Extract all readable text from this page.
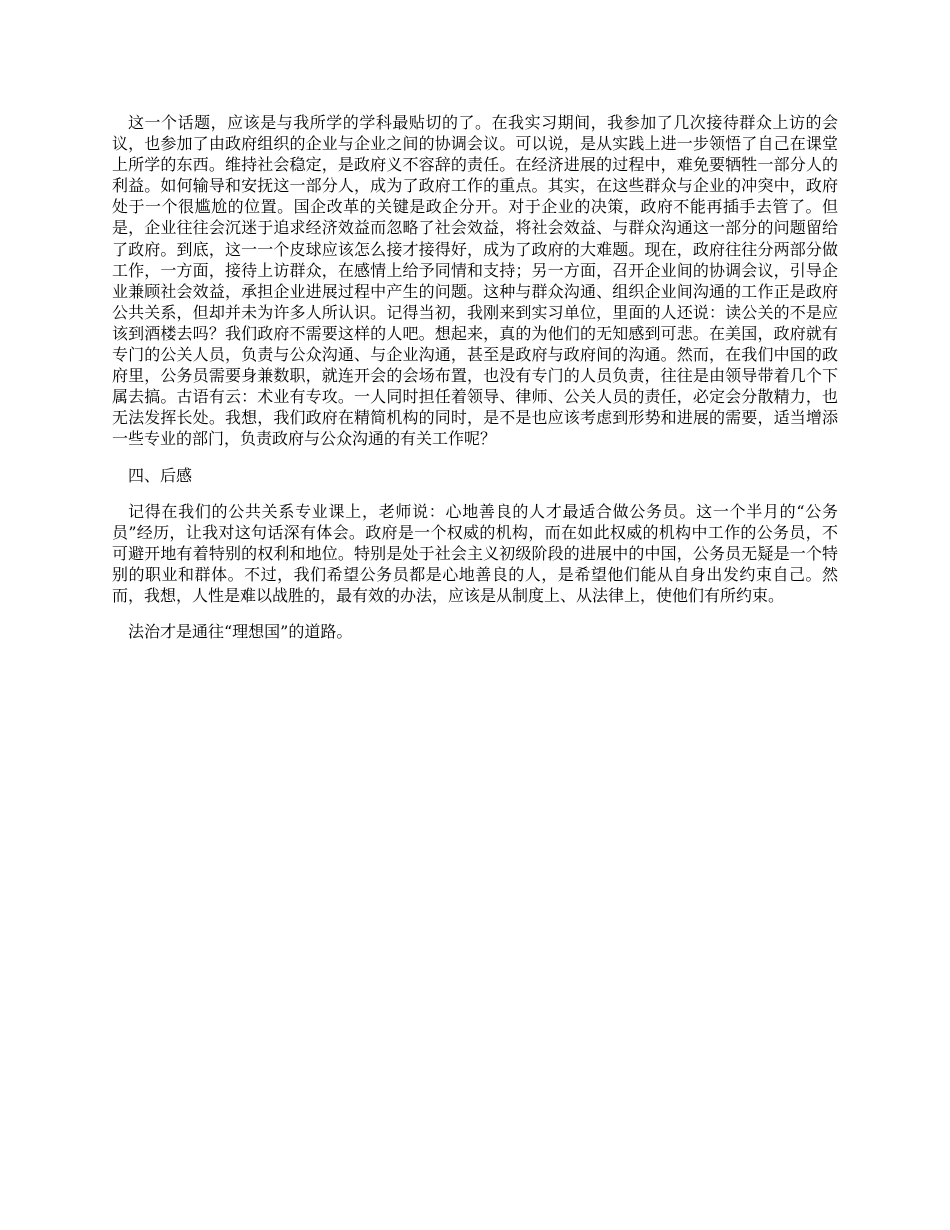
这一个话题，应该是与我所学的学科最贴切的了。在我实习期间，我参加了几次接待群众上访的会议，也参加了由政府组织的企业与企业之间的协调会议。可以说，是从实践上进一步领悟了自己在课堂上所学的东西。维持社会稳定，是政府义不容辞的责任。在经济进展的过程中，难免要牺牲一部分人的利益。如何输导和安抚这一部分人，成为了政府工作的重点。其实，在这些群众与企业的冲突中，政府处于一个很尴尬的位置。国企改革的关键是政企分开。对于企业的决策，政府不能再插手去管了。但是，企业往往会沉迷于追求经济效益而忽略了社会效益，将社会效益、与群众沟通这一部分的问题留给了政府。到底，这一一个皮球应该怎么接才接得好，成为了政府的大难题。现在，政府往往分两部分做工作，一方面，接待上访群众，在感情上给予同情和支持；另一方面，召开企业间的协调会议，引导企业兼顾社会效益，承担企业进展过程中产生的问题。这种与群众沟通、组织企业间沟通的工作正是政府公共关系，但却并未为许多人所认识。记得当初，我刚来到实习单位，里面的人还说：读公关的不是应该到酒楼去吗？我们政府不需要这样的人吧。想起来，真的为他们的无知感到可悲。在美国，政府就有专门的公关人员，负责与公众沟通、与企业沟通，甚至是政府与政府间的沟通。然而，在我们中国的政府里，公务员需要身兼数职，就连开会的会场布置，也没有专门的人员负责，往往是由领导带着几个下属去搞。古语有云：术业有专攻。一人同时担任着领导、律师、公关人员的责任，必定会分散精力，也无法发挥长处。我想，我们政府在精简机构的同时，是不是也应该考虑到形势和进展的需要，适当增添一些专业的部门，负责政府与公众沟通的有关工作呢？

四、后感

记得在我们的公共关系专业课上，老师说：心地善良的人才最适合做公务员。这一个半月的“公务员”经历，让我对这句话深有体会。政府是一个权威的机构，而在如此权威的机构中工作的公务员，不可避开地有着特别的权利和地位。特别是处于社会主义初级阶段的进展中的中国，公务员无疑是一个特别的职业和群体。不过，我们希望公务员都是心地善良的人，是希望他们能从自身出发约束自己。然而，我想，人性是难以战胜的，最有效的办法，应该是从制度上、从法律上，使他们有所约束。

法治才是通往“理想国”的道路。
